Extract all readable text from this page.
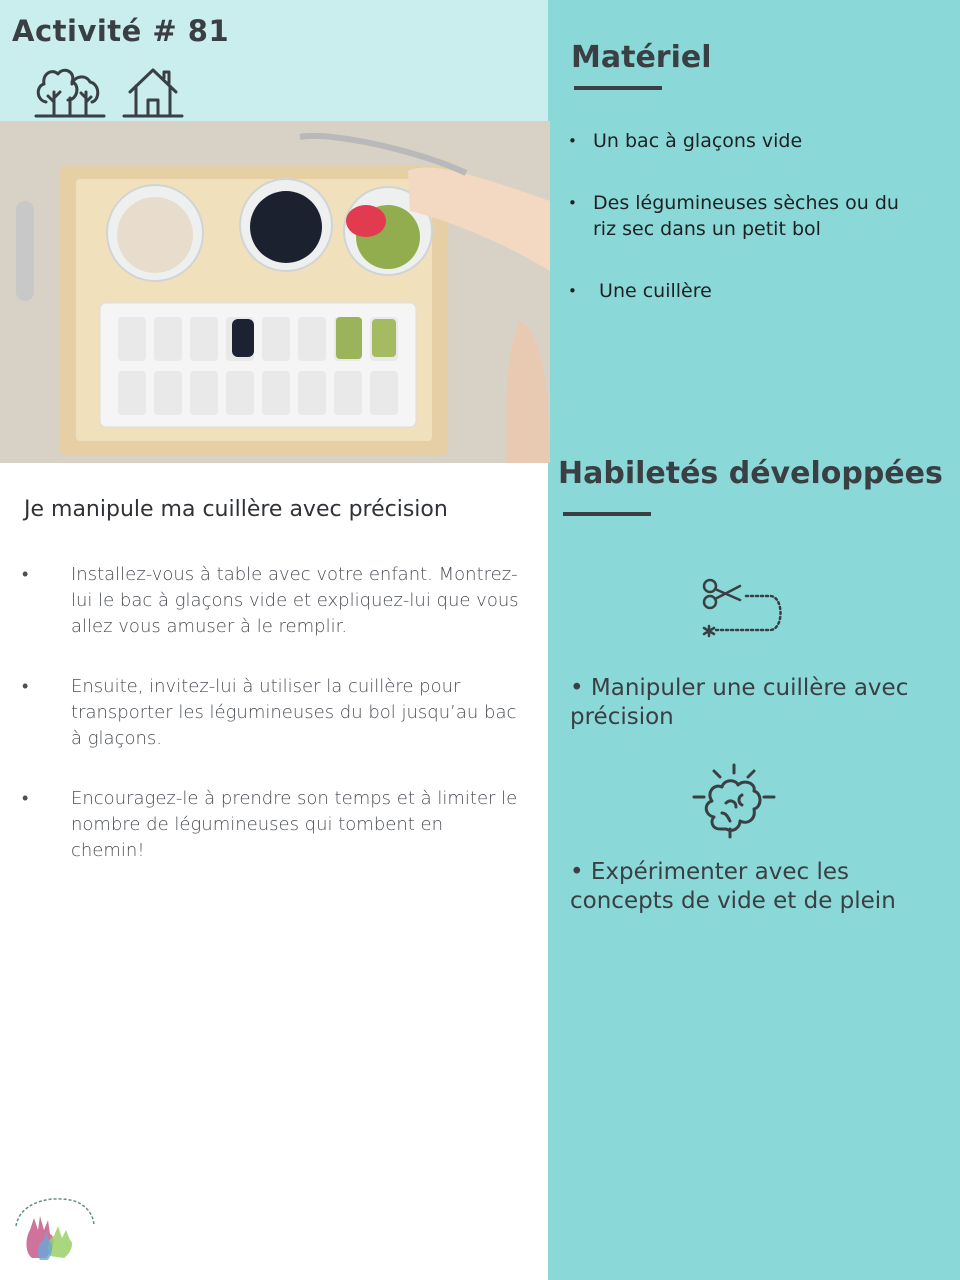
Activité # 81
Je manipule ma cuillère avec précision
• Installez-vous à table avec votre enfant. Montrez-lui le bac à glaçons vide et expliquez-lui que vous allez vous amuser à le remplir.
• Ensuite, invitez-lui à utiliser la cuillère pour transporter les légumineuses du bol jusqu’au bac à glaçons.
• Encouragez-le à prendre son temps et à limiter le nombre de légumineuses qui tombent en chemin!
Matériel
• Un bac à glaçons vide
• Des légumineuses sèches ou du riz sec dans un petit bol
• Une cuillère
Habiletés développées
• Manipuler une cuillère avec précision
• Expérimenter avec les concepts de vide et de plein
